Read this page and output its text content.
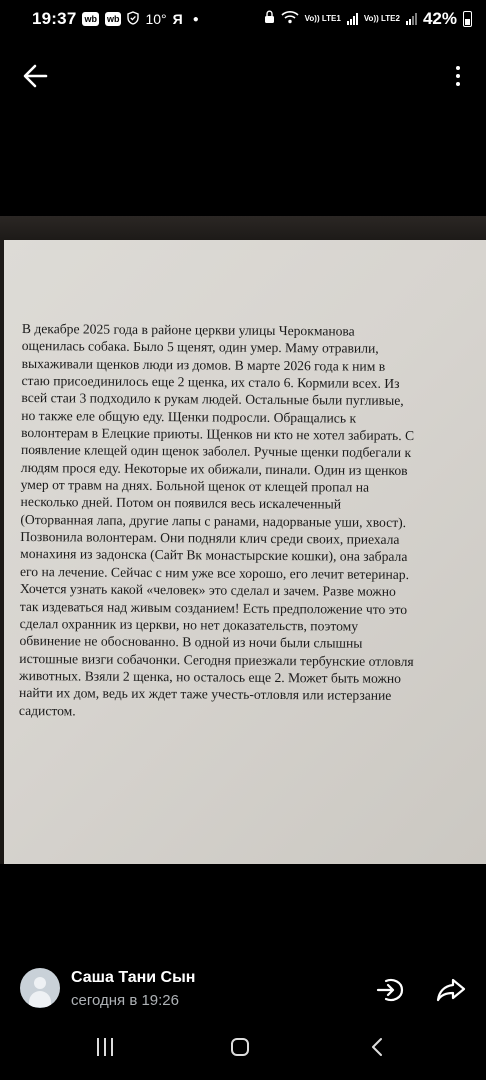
19:37 wb wb 10° Я ●	Vo)) LTE1	Vo)) LTE2 42%
В декабре 2025 года в районе церкви улицы Черокманова
ощенилась собака. Было 5 щенят, один умер. Маму отравили,
выхаживали щенков люди из домов. В марте 2026 года к ним в
стаю присоединилось еще 2 щенка, их стало 6. Кормили всех. Из
всей стаи 3 подходило к рукам людей. Остальные были пугливые,
но также еле общую еду. Щенки подросли. Обращались к
волонтерам в Елецкие приюты. Щенков ни кто не хотел забирать. С
появление клещей один щенок заболел. Ручные щенки подбегали к
людям прося еду. Некоторые их обижали, пинали. Один из щенков
умер от травм на днях. Больной щенок от клещей пропал на
несколько дней. Потом он появился весь искалеченный
(Оторванная лапа, другие лапы с ранами, надорваные уши, хвост).
Позвонила волонтерам. Они подняли клич среди своих, приехала
монахиня из задонска (Сайт Вк монастырские кошки), она забрала
его на лечение. Сейчас с ним уже все хорошо, его лечит ветеринар.
Хочется узнать какой «человек» это сделал и зачем. Разве можно
так издеваться над живым созданием! Есть предположение что это
сделал охранник из церкви, но нет доказательств, поэтому
обвинение не обоснованно. В одной из ночи были слышны
истошные визги собачонки. Сегодня приезжали тербунские отловля
животных. Взяли 2 щенка, но осталось еще 2. Может быть можно
найти их дом, ведь их ждет таже учесть-отловля или истерзание
садистом.
Саша Тани Сын
сегодня в 19:26
